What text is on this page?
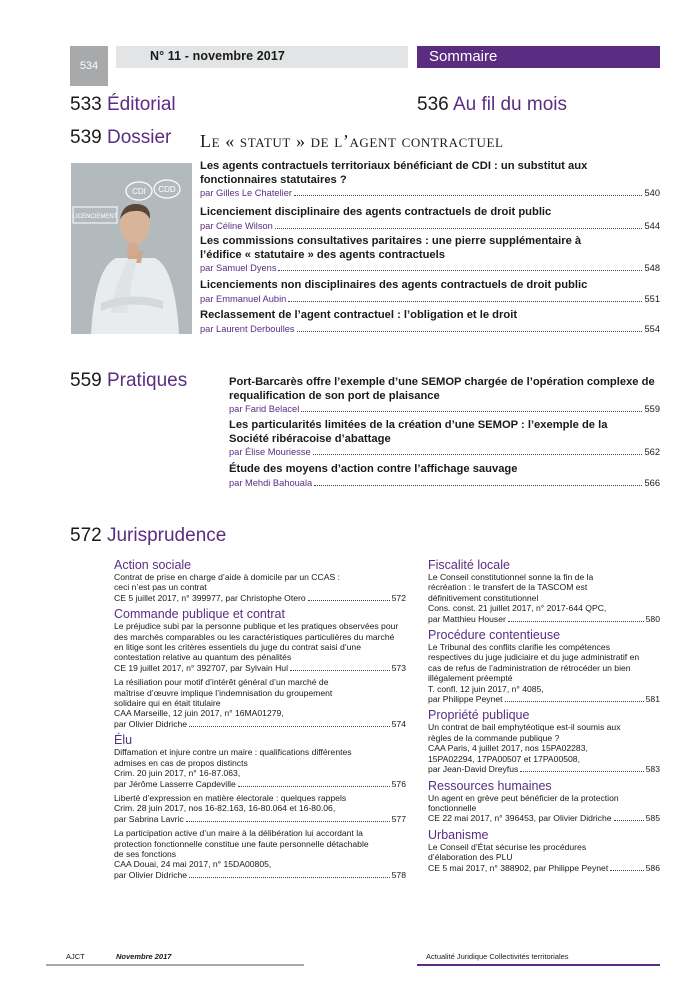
534
N° 11 - novembre 2017	Sommaire
533 Éditorial	536 Au fil du mois
539 Dossier Le « statut » de l’agent contractuel
CDI CDD
LICENCIEMENT
Les agents contractuels territoriaux bénéficiant de CDI : un substitut aux fonctionnaires statutaires ?
par Gilles Le Chatelier	540
Licenciement disciplinaire des agents contractuels de droit public
par Céline Wilson	544
Les commissions consultatives paritaires : une pierre supplémentaire à l’édifice « statutaire » des agents contractuels
par Samuel Dyens	548
Licenciements non disciplinaires des agents contractuels de droit public
par Emmanuel Aubin	551
Reclassement de l’agent contractuel : l’obligation et le droit
par Laurent Derboulles	554
559 Pratiques	Port-Barcarès offre l’exemple d’une SEMOP chargée de l’opération complexe de requalification de son port de plaisance
par Farid Belacel	559
Les particularités limitées de la création d’une SEMOP : l’exemple de la Société ribéracoise d’abattage
par Élise Mouriesse	562
Étude des moyens d’action contre l’affichage sauvage
par Mehdi Bahouala	566
572 Jurisprudence
Action sociale
Contrat de prise en charge d’aide à domicile par un CCAS : ceci n’est pas un contrat
CE 5 juillet 2017, n° 399977, par Christophe Otero	572
Commande publique et contrat
Le préjudice subi par la personne publique et les pratiques observées pour des marchés comparables ou les caractéristiques particulières du marché en litige sont les critères essentiels du juge du contrat saisi d’une contestation relative au quantum des pénalités
CE 19 juillet 2017, n° 392707, par Sylvain Hul	573
La résiliation pour motif d’intérêt général d’un marché de maîtrise d’œuvre implique l’indemnisation du groupement solidaire qui en était titulaire
CAA Marseille, 12 juin 2017, n° 16MA01279,
par Olivier Didriche	574
Élu
Diffamation et injure contre un maire : qualifications différentes admises en cas de propos distincts
Crim. 20 juin 2017, n° 16-87.063,
par Jérôme Lasserre Capdeville	576
Liberté d’expression en matière électorale : quelques rappels
Crim. 28 juin 2017, nos 16-82.163, 16-80.064 et 16-80.06,
par Sabrina Lavric	577
La participation active d’un maire à la délibération lui accordant la protection fonctionnelle constitue une faute personnelle détachable de ses fonctions
CAA Douai, 24 mai 2017, n° 15DA00805,
par Olivier Didriche	578
Fiscalité locale
Le Conseil constitutionnel sonne la fin de la récréation : le transfert de la TASCOM est définitivement constitutionnel
Cons. const. 21 juillet 2017, n° 2017-644 QPC,
par Matthieu Houser	580
Procédure contentieuse
Le Tribunal des conflits clarifie les compétences respectives du juge judiciaire et du juge administratif en cas de refus de l’administration de rétrocéder un bien illégalement préempté
T. confl. 12 juin 2017, n° 4085,
par Philippe Peynet	581
Propriété publique
Un contrat de bail emphytéotique est-il soumis aux règles de la commande publique ?
CAA Paris, 4 juillet 2017, nos 15PA02283, 15PA02294, 17PA00507 et 17PA00508,
par Jean-David Dreyfus	583
Ressources humaines
Un agent en grève peut bénéficier de la protection fonctionnelle
CE 22 mai 2017, n° 396453, par Olivier Didriche	585
Urbanisme
Le Conseil d’État sécurise les procédures d’élaboration des PLU
CE 5 mai 2017, n° 388902, par Philippe Peynet	586
AJCT	Novembre 2017	Actualité Juridique Collectivités territoriales
